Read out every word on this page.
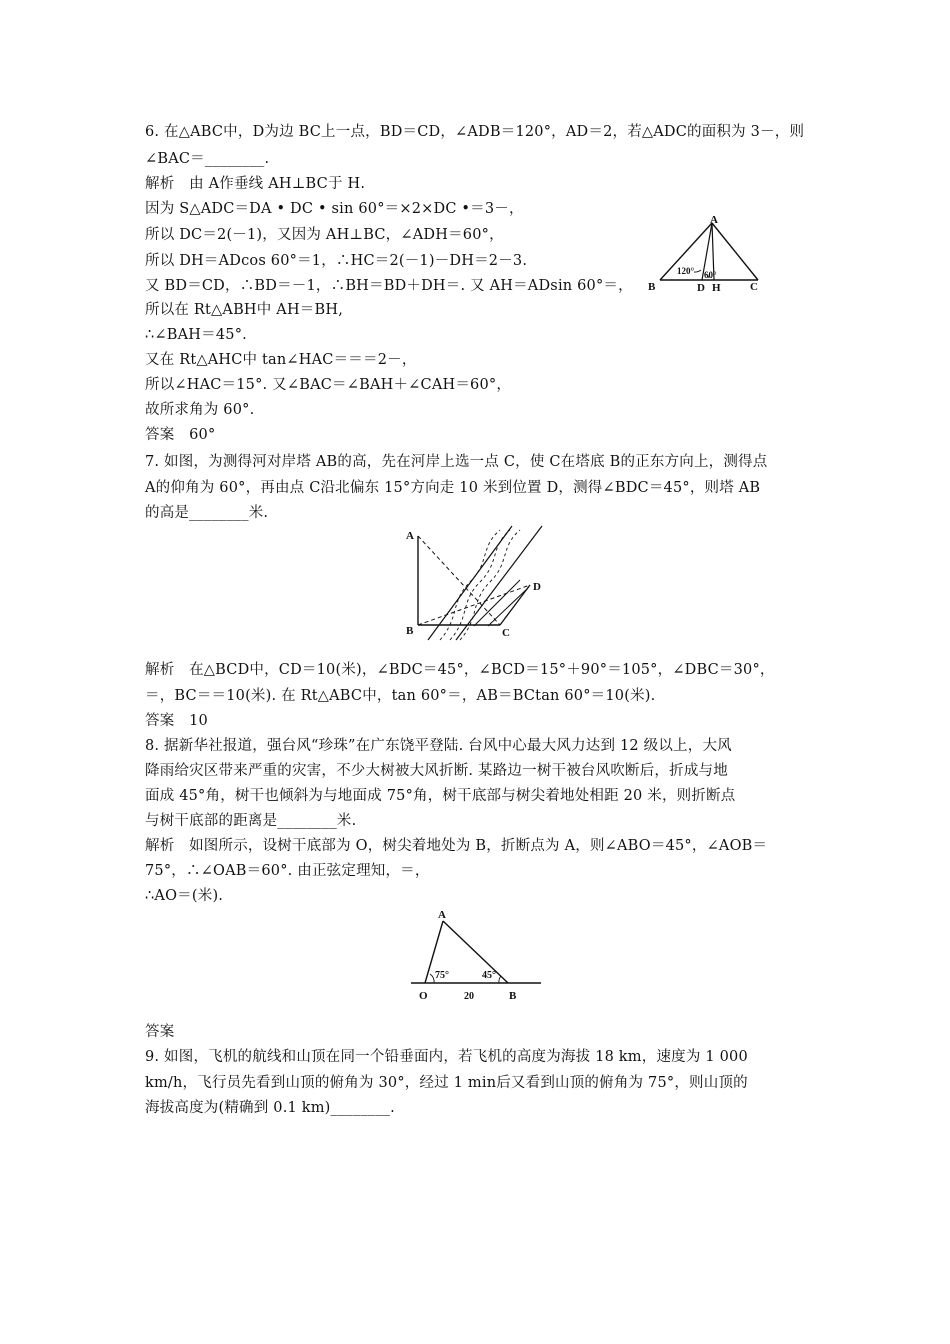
6. 在△ABC中，D为边 BC上一点，BD＝CD，∠ADB＝120°，AD＝2，若△ADC的面积为 3－，则
∠BAC＝________.
解析　由 A作垂线 AH⊥BC于 H.
因为 S△ADC＝DA • DC • sin 60°＝×2×DC •＝3－，
所以 DC＝2(－1)，又因为 AH⊥BC，∠ADH＝60°，
所以 DH＝ADcos 60°＝1，∴HC＝2(－1)－DH＝2－3.
又 BD＝CD，∴BD＝－1，∴BH＝BD＋DH＝. 又 AH＝ADsin 60°＝，
所以在 Rt△ABH中 AH＝BH,
∴∠BAH＝45°.
又在 Rt△AHC中 tan∠HAC＝＝＝2－，
所以∠HAC＝15°. 又∠BAC＝∠BAH＋∠CAH＝60°，
故所求角为 60°.
答案　60°
A
B	C
D H
120° 60°
7. 如图，为测得河对岸塔 AB的高，先在河岸上选一点 C，使 C在塔底 B的正东方向上，测得点
A的仰角为 60°，再由点 C沿北偏东 15°方向走 10 米到位置 D，测得∠BDC＝45°，则塔 AB
的高是________米.
A
B	C
D
解析　在△BCD中，CD＝10(米)，∠BDC＝45°，∠BCD＝15°＋90°＝105°，∠DBC＝30°，
＝，BC＝＝10(米). 在 Rt△ABC中，tan 60°＝，AB＝BCtan 60°＝10(米).
答案　10
8. 据新华社报道，强台风“珍珠”在广东饶平登陆. 台风中心最大风力达到 12 级以上，大风
降雨给灾区带来严重的灾害，不少大树被大风折断. 某路边一树干被台风吹断后，折成与地
面成 45°角，树干也倾斜为与地面成 75°角，树干底部与树尖着地处相距 20 米，则折断点
与树干底部的距离是________米.
解析　如图所示，设树干底部为 O，树尖着地处为 B，折断点为 A，则∠ABO＝45°，∠AOB＝
75°，∴∠OAB＝60°. 由正弦定理知，＝，
∴AO＝(米).
A
O	B
75°	45°
20
答案
9. 如图，飞机的航线和山顶在同一个铅垂面内，若飞机的高度为海拔 18 km，速度为 1 000
km/h，飞行员先看到山顶的俯角为 30°，经过 1 min后又看到山顶的俯角为 75°，则山顶的
海拔高度为(精确到 0.1 km)________.
